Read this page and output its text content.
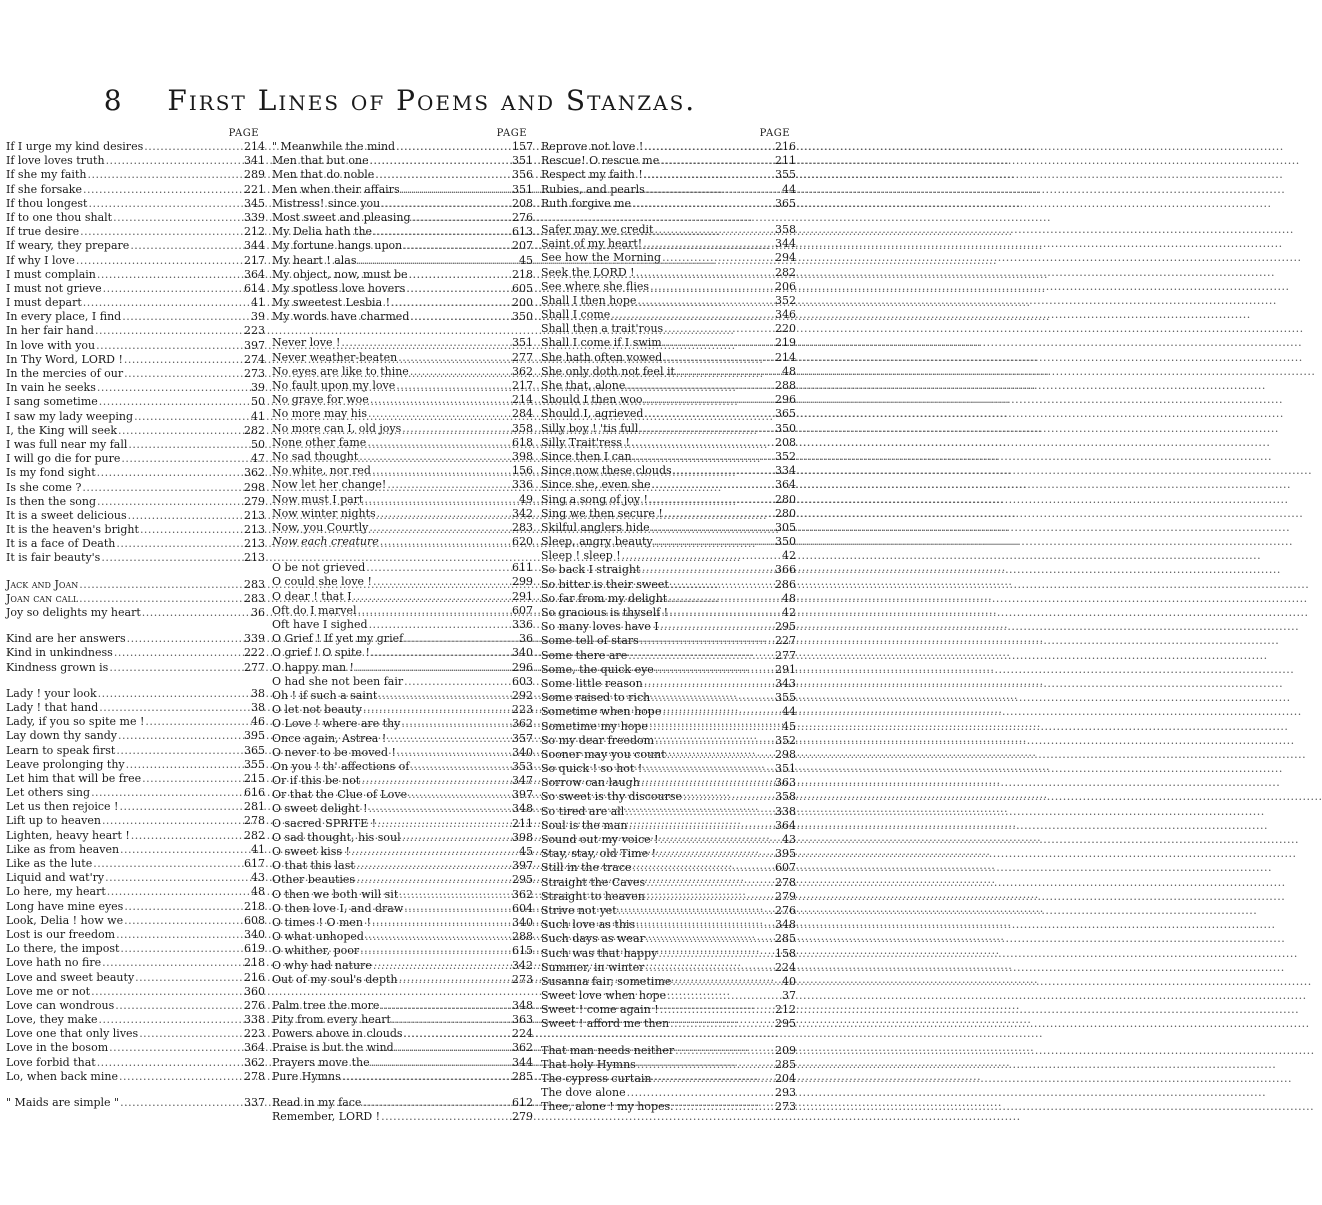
8 First Lines of Poems and Stanzas.
PAGE
If I urge my kind desires .....	214
If love loves truth .....	341
If she my faith .....	289
If she forsake .....	221
If thou longest .....	345
If to one thou shalt .....	339
If true desire .....	212
If weary, they prepare .....	344
If why I love .....	217
I must complain .....	364
I must not grieve .....	614
I must depart .....	41
In every place, I find .....	39
In her fair hand .....	223
In love with you .....	397
In Thy Word, LORD ! .....	274
In the mercies of our .....	273
In vain he seeks .....	39
I sang sometime .....	50
I saw my lady weeping .....	41
I, the King will seek .....	282
I was full near my fall .....	50
I will go die for pure .....	47
Is my fond sight .....	362
Is she come ? .....	298
Is then the song .....	279
It is a sweet delicious .....	213
It is the heaven's bright .....	213
It is a face of Death .....	213
It is fair beauty's .....	213
Jack and Joan .....	283
Joan can call .....	283
Joy so delights my heart .....	36
Kind are her answers .....	339
Kind in unkindness .....	222
Kindness grown is .....	277
Lady ! your look .....	38
Lady ! that hand .....	38
Lady, if you so spite me ! .....	46
Lay down thy sandy .....	395
Learn to speak first .....	365
Leave prolonging thy .....	355
Let him that will be free .....	215
Let others sing .....	616
Let us then rejoice ! .....	281
Lift up to heaven .....	278
Lighten, heavy heart ! .....	282
Like as from heaven .....	41
Like as the lute .....	617
Liquid and wat'ry .....	43
Lo here, my heart .....	48
Long have mine eyes .....	218
Look, Delia ! how we .....	608
Lost is our freedom .....	340
Lo there, the impost .....	619
Love hath no fire .....	218
Love and sweet beauty .....	216
Love me or not .....	360
Love can wondrous .....	276
Love, they make .....	338
Love one that only lives .....	223
Love in the bosom .....	364
Love forbid that .....	362
Lo, when back mine .....	278
" Maids are simple " .....	337
PAGE
" Meanwhile the mind .....	157
Men that but one .....	351
Men that do noble .....	356
Men when their affairs .....	351
Mistress! since you .....	208
Most sweet and pleasing .....	276
My Delia hath the .....	613
My fortune hangs upon .....	207
My heart ! alas .....	45
My object, now, must be .....	218
My spotless love hovers .....	605
My sweetest Lesbia ! .....	200
My words have charmed .....	350
Never love ! .....	351
Never weather-beaten .....	277
No eyes are like to thine .....	362
No fault upon my love .....	217
No grave for woe .....	214
No more may his .....	284
No more can I, old joys .....	358
None other fame .....	618
No sad thought .....	398
No white, nor red .....	156
Now let her change! .....	336
Now must I part .....	49
Now winter nights .....	342
Now, you Courtly .....	283
Now each creature .....	620
O be not grieved .....	611
O could she love ! .....	299
O dear ! that I .....	291
Oft do I marvel .....	607
Oft have I sighed .....	336
O Grief ! If yet my grief .....	36
O grief ! O spite ! .....	340
O happy man ! .....	296
O had she not been fair .....	603
Oh ! if such a saint .....	292
O let not beauty .....	223
O Love ! where are thy .....	362
Once again, Astrea ! .....	357
O never to be moved ! .....	340
On you ! th' affections of .....	353
Or if this be not .....	347
Or that the Clue of Love .....	397
O sweet delight ! .....	348
O sacred SPRITE ! .....	211
O sad thought, his soul .....	398
O sweet kiss ! .....	45
O that this last .....	397
Other beauties .....	295
O then we both will sit .....	362
O then love I, and draw .....	604
O times ! O men ! .....	340
O what unhoped .....	288
O whither, poor .....	615
O why had nature .....	342
Out of my soul's depth .....	273
Palm tree the more .....	348
Pity from every heart .....	363
Powers above in clouds .....	224
Praise is but the wind .....	362
Prayers move the .....	344
Pure Hymns .....	285
Read in my face .....	612
Remember, LORD ! .....	279
PAGE
Reprove not love ! .....	216
Rescue! O rescue me .....	211
Respect my faith ! .....	355
Rubies, and pearls .....	44
Ruth forgive me .....	365
Safer may we credit .....	358
Saint of my heart! .....	344
See how the Morning .....	294
Seek the LORD ! .....	282
See where she flies .....	206
Shall I then hope .....	352
Shall I come .....	346
Shall then a trait'rous .....	220
Shall I come if I swim .....	219
She hath often vowed .....	214
She only doth not feel it .....	48
She that, alone .....	288
Should I then woo .....	296
Should I, agrieved .....	365
Silly boy ! 'tis full .....	350
Silly Trait'ress ! .....	208
Since then I can .....	352
Since now these clouds .....	334
Since she, even she .....	364
Sing a song of joy ! .....	280
Sing we then secure ! .....	280
Skilful anglers hide .....	305
Sleep, angry beauty .....	350
Sleep ! sleep ! .....	42
So back I straight .....	366
So bitter is their sweet .....	286
So far from my delight .....	48
So gracious is thyself ! .....	42
So many loves have I .....	295
Some tell of stars .....	227
Some there are .....	277
Some, the quick eye .....	291
Some little reason .....	343
Some raised to rich .....	355
Sometime when hope .....	44
Sometime my hope .....	45
So my dear freedom .....	352
Sooner may you count .....	298
So quick ! so hot ! .....	351
Sorrow can laugh .....	363
So sweet is thy discourse .....	358
So tired are all .....	338
Soul is the man .....	364
Sound out my voice ! .....	43
Stay, stay, old Time ! .....	395
Still in the trace .....	607
Straight the Caves .....	278
Straight to heaven .....	279
Strive not yet .....	276
Such love as this .....	348
Such days as wear .....	285
Such was that happy .....	158
Summer, in winter .....	224
Susanna fair, sometime .....	40
Sweet love when hope .....	37
Sweet ! come again ! .....	212
Sweet ! afford me then .....	295
That man needs neither .....	209
That holy Hymns .....	285
The cypress curtain .....	204
The dove alone .....	293
Thee, alone ! my hopes. .....	273
